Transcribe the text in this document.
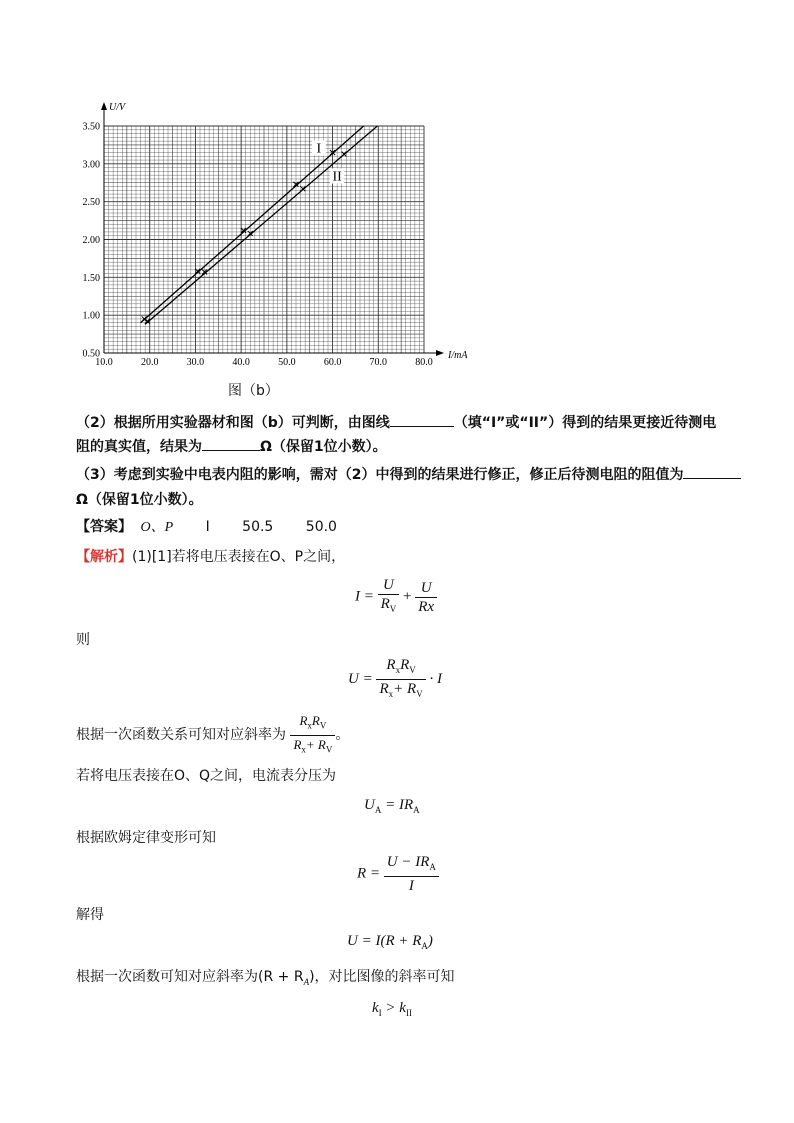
I
II
10.0	20.0	30.0	40.0	50.0	60.0	70.0	80.0
0.50
1.00
1.50
2.00
2.50
3.00
3.50
I/mA
U/V
图（b）
（2）根据所用实验器材和图（b）可判断，由图线	（填“I”或“II”）得到的结果更接近待测电
阻的真实值，结果为	Ω（保留1位小数）。
（3）考虑到实验中电表内阻的影响，需对（2）中得到的结果进行修正，修正后待测电阻的阻值为
Ω（保留1位小数）。
【答案】 O、P I 50.5 50.0
【解析】(1)[1]若将电压表接在O、P之间，
$I = \frac{U}{R_V} + \frac{U}{Rx}$
则
$U = \frac{R_xR_V}{R_x+ R_V} \cdot I$
根据一次函数关系可知对应斜率为 $\frac{R_xR_V}{R_x+ R_V}$ 。
若将电压表接在O、Q之间，电流表分压为
$U_A = IR_A$
根据欧姆定律变形可知
$R = \frac{U - IR_A}{I}$
解得
$U = I(R + R_A)$
根据一次函数可知对应斜率为$(R + R_A)$，对比图像的斜率可知
$k_I > k_{II}$
